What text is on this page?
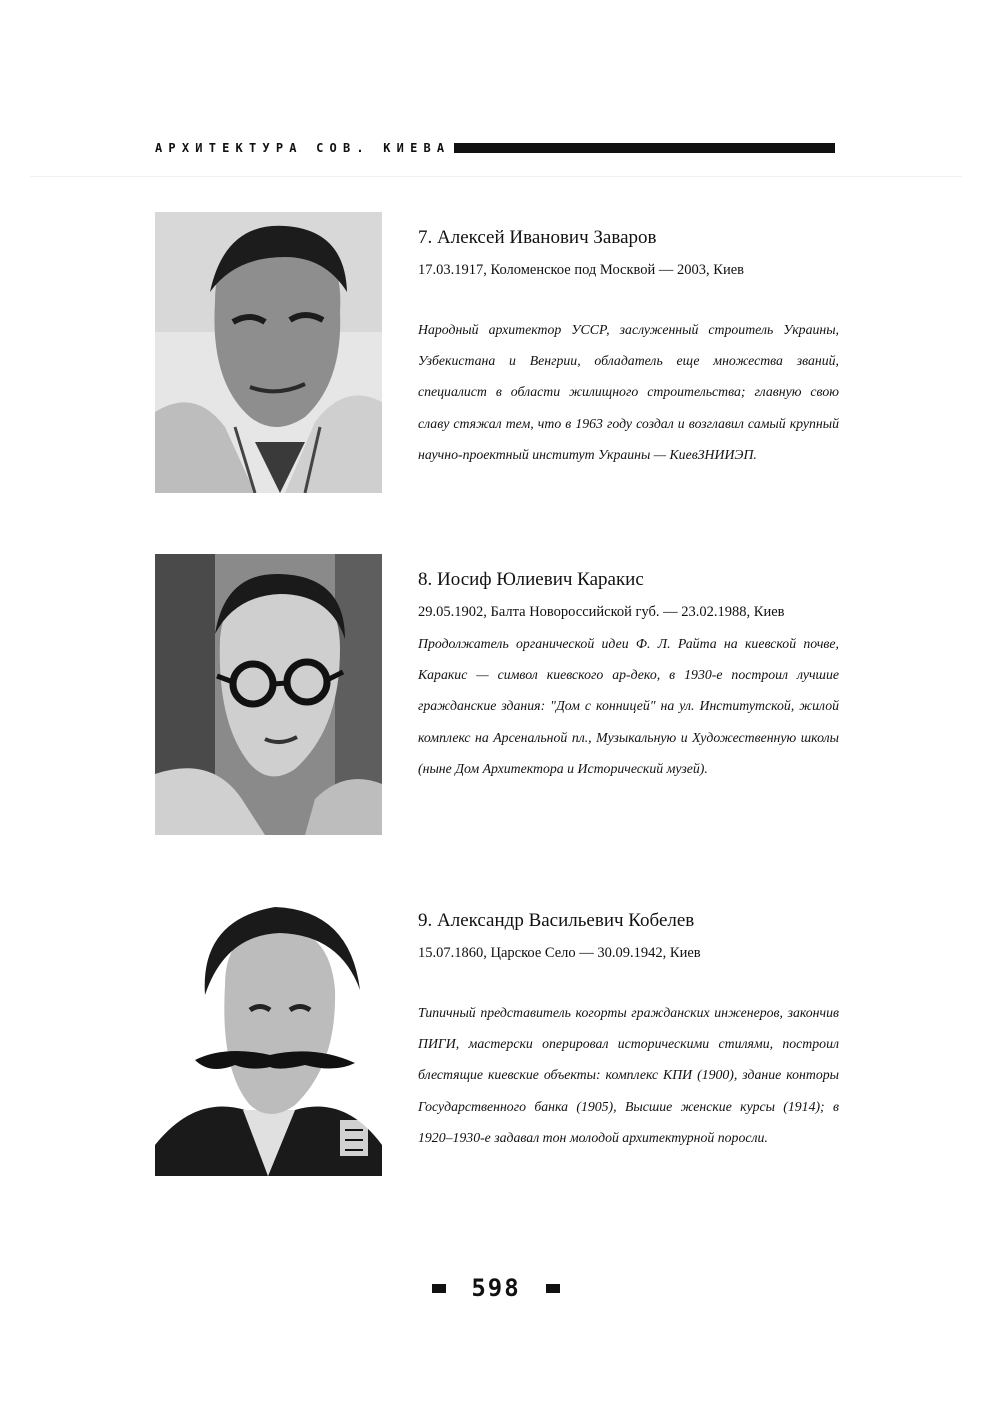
АРХИТЕКТУРА СОВ. КИЕВА
7. Алексей Иванович Заваров
17.03.1917, Коломенское под Москвой — 2003, Киев
Народный архитектор УССР, заслуженный строитель Украины, Узбекистана и Венгрии, обладатель еще множества званий, специалист в области жилищного строительства; главную свою славу стяжал тем, что в 1963 году создал и возглавил самый крупный научно-проектный институт Украины — КиевЗНИИЭП.
8. Иосиф Юлиевич Каракис
29.05.1902, Балта Новороссийской губ. — 23.02.1988, Киев
Продолжатель органической идеи Ф. Л. Райта на киевской почве, Каракис — символ киевского ар-деко, в 1930-е построил лучшие гражданские здания: "Дом с конницей" на ул. Институтской, жилой комплекс на Арсенальной пл., Музыкальную и Художественную школы (ныне Дом Архитектора и Исторический музей).
9. Александр Васильевич Кобелев
15.07.1860, Царское Село — 30.09.1942, Киев
Типичный представитель когорты гражданских инженеров, закончив ПИГИ, мастерски оперировал историческими стилями, построил блестящие киевские объекты: комплекс КПИ (1900), здание конторы Государственного банка (1905), Высшие женские курсы (1914); в 1920–1930-е задавал тон молодой архитектурной поросли.
598
